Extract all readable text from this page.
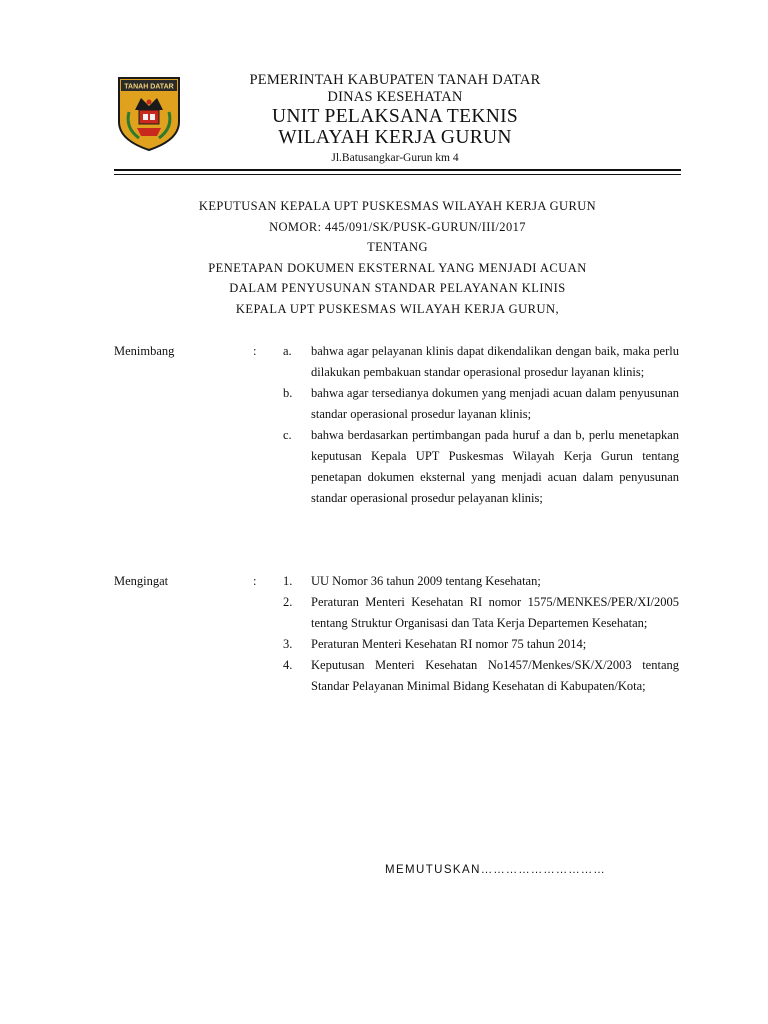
TANAH DATAR	PEMERINTAH KABUPATEN TANAH DATAR
DINAS KESEHATAN
UNIT PELAKSANA TEKNIS
WILAYAH KERJA GURUN
Jl.Batusangkar-Gurun km 4
KEPUTUSAN KEPALA UPT PUSKESMAS WILAYAH KERJA GURUN
NOMOR: 445/091/SK/PUSK-GURUN/III/2017
TENTANG
PENETAPAN DOKUMEN EKSTERNAL YANG MENJADI ACUAN
DALAM PENYUSUNAN STANDAR PELAYANAN KLINIS
KEPALA UPT PUSKESMAS WILAYAH KERJA GURUN,
Menimbang	: a.	bahwa agar pelayanan klinis dapat dikendalikan dengan baik, maka perlu dilakukan pembakuan standar operasional prosedur layanan klinis;
b.	bahwa agar tersedianya dokumen yang menjadi acuan dalam penyusunan standar operasional prosedur layanan klinis;
c.	bahwa berdasarkan pertimbangan pada huruf a dan b, perlu menetapkan keputusan Kepala UPT Puskesmas Wilayah Kerja Gurun tentang penetapan dokumen eksternal yang menjadi acuan dalam penyusunan standar operasional prosedur pelayanan klinis;
Mengingat	: 1.	UU Nomor 36 tahun 2009 tentang Kesehatan;
2.	Peraturan Menteri Kesehatan RI nomor 1575/MENKES/PER/XI/2005 tentang Struktur Organisasi dan Tata Kerja Departemen Kesehatan;
3.	Peraturan Menteri Kesehatan RI nomor 75 tahun 2014;
4.	Keputusan Menteri Kesehatan No1457/Menkes/SK/X/2003 tentang Standar Pelayanan Minimal Bidang Kesehatan di Kabupaten/Kota;
MEMUTUSKAN…………………………
